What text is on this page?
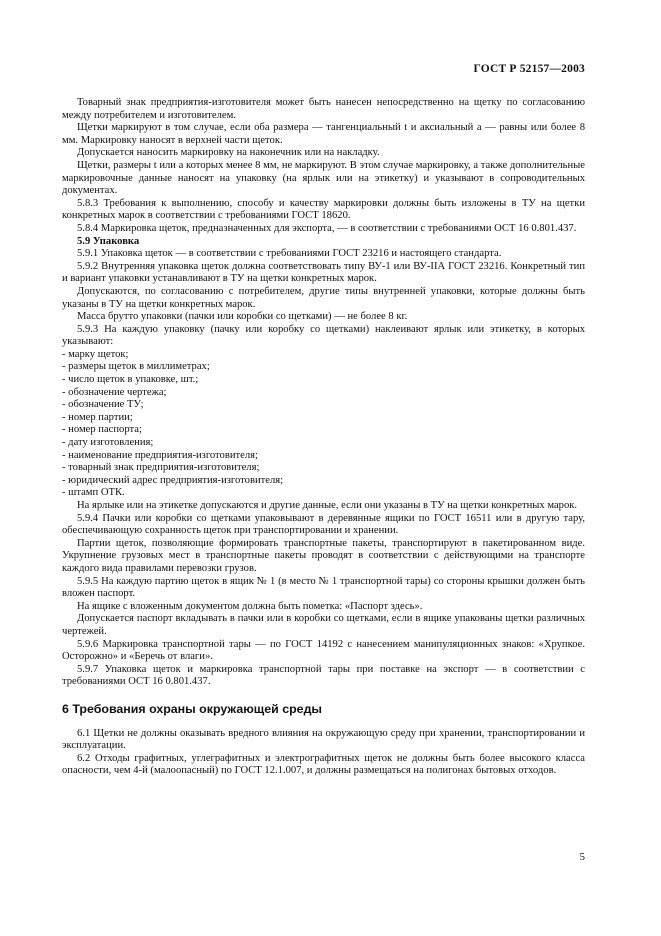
ГОСТ Р 52157—2003

Товарный знак предприятия-изготовителя может быть нанесен непосредственно на щетку по согласованию между потребителем и изготовителем.

Щетки маркируют в том случае, если оба размера — тангенциальный t и аксиальный a — равны или более 8 мм. Маркировку наносят в верхней части щеток.

Допускается наносить маркировку на наконечник или на накладку.

Щетки, размеры t или a которых менее 8 мм, не маркируют. В этом случае маркировку, а также дополнительные маркировочные данные наносят на упаковку (на ярлык или на этикетку) и указывают в сопроводительных документах.

5.8.3 Требования к выполнению, способу и качеству маркировки должны быть изложены в ТУ на щетки конкретных марок в соответствии с требованиями ГОСТ 18620.

5.8.4 Маркировка щеток, предназначенных для экспорта, — в соответствии с требованиями ОСТ 16 0.801.437.

5.9 Упаковка

5.9.1 Упаковка щеток — в соответствии с требованиями ГОСТ 23216 и настоящего стандарта.

5.9.2 Внутренняя упаковка щеток должна соответствовать типу ВУ-1 или ВУ-IIА ГОСТ 23216. Конкретный тип и вариант упаковки устанавливают в ТУ на щетки конкретных марок.

Допускаются, по согласованию с потребителем, другие типы внутренней упаковки, которые должны быть указаны в ТУ на щетки конкретных марок.

Масса брутто упаковки (пачки или коробки со щетками) — не более 8 кг.

5.9.3 На каждую упаковку (пачку или коробку со щетками) наклеивают ярлык или этикетку, в которых указывают:

- марку щеток;
- размеры щеток в миллиметрах;
- число щеток в упаковке, шт.;
- обозначение чертежа;
- обозначение ТУ;
- номер партии;
- номер паспорта;
- дату изготовления;
- наименование предприятия-изготовителя;
- товарный знак предприятия-изготовителя;
- юридический адрес предприятия-изготовителя;
- штамп ОТК.

На ярлыке или на этикетке допускаются и другие данные, если они указаны в ТУ на щетки конкретных марок.

5.9.4 Пачки или коробки со щетками упаковывают в деревянные ящики по ГОСТ 16511 или в другую тару, обеспечивающую сохранность щеток при транспортировании и хранении.

Партии щеток, позволяющие формировать транспортные пакеты, транспортируют в пакетированном виде. Укрупнение грузовых мест в транспортные пакеты проводят в соответствии с действующими на транспорте каждого вида правилами перевозки грузов.

5.9.5 На каждую партию щеток в ящик № 1 (в место № 1 транспортной тары) со стороны крышки должен быть вложен паспорт.

На ящике с вложенным документом должна быть пометка: «Паспорт здесь».

Допускается паспорт вкладывать в пачки или в коробки со щетками, если в ящике упакованы щетки различных чертежей.

5.9.6 Маркировка транспортной тары — по ГОСТ 14192 с нанесением манипуляционных знаков: «Хрупкое. Осторожно» и «Беречь от влаги».

5.9.7 Упаковка щеток и маркировка транспортной тары при поставке на экспорт — в соответствии с требованиями ОСТ 16 0.801.437.

6 Требования охраны окружающей среды

6.1 Щетки не должны оказывать вредного влияния на окружающую среду при хранении, транспортировании и эксплуатации.

6.2 Отходы графитных, углеграфитных и электрографитных щеток не должны быть более высокого класса опасности, чем 4-й (малоопасный) по ГОСТ 12.1.007, и должны размещаться на полигонах бытовых отходов.

5
